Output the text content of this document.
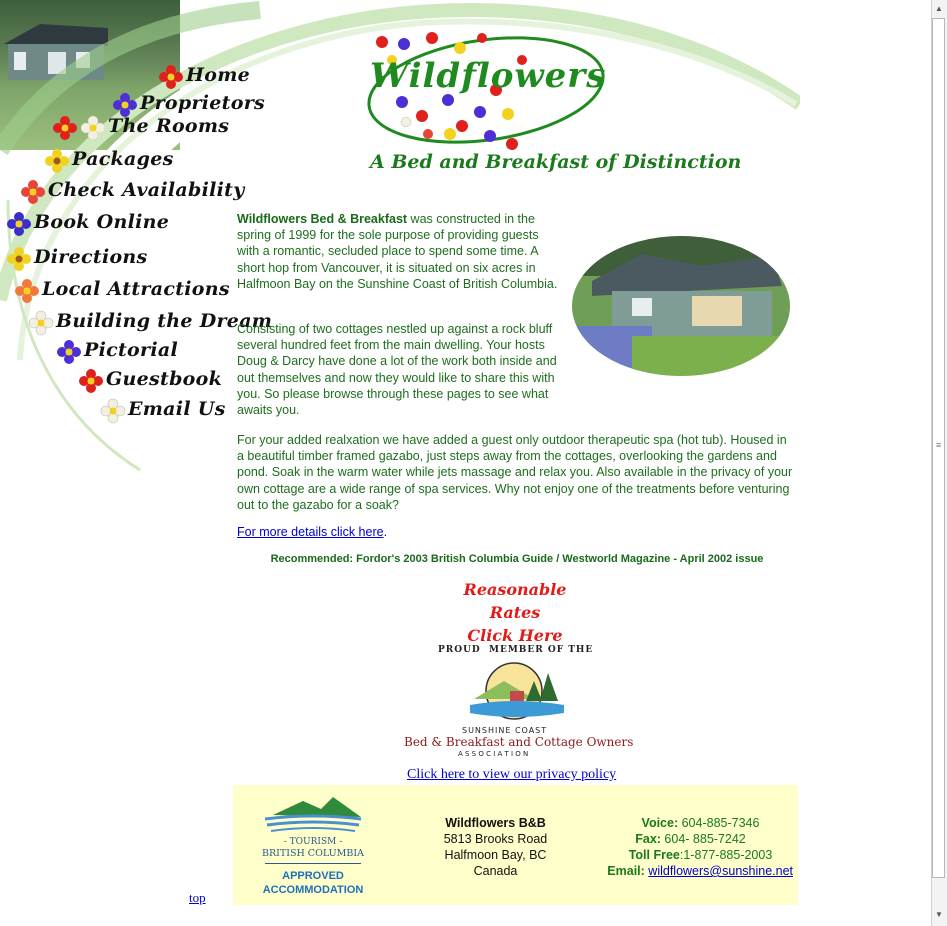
Home
Proprietors
The Rooms
Packages
Check Availability
Book Online
Directions
Local Attractions
Building the Dream
Pictorial
Guestbook
Email Us
Wildflowers
A Bed and Breakfast of Distinction
Wildflowers Bed & Breakfast was constructed in the spring of 1999 for the sole purpose of providing guests with a romantic, secluded place to spend some time. A short hop from Vancouver, it is situated on six acres in Halfmoon Bay on the Sunshine Coast of British Columbia.
Consisting of two cottages nestled up against a rock bluff several hundred feet from the main dwelling. Your hosts Doug & Darcy have done a lot of the work both inside and out themselves and now they would like to share this with you. So please browse through these pages to see what awaits you.
For your added realxation we have added a guest only outdoor therapeutic spa (hot tub). Housed in a beautiful timber framed gazabo, just steps away from the cottages, overlooking the gardens and pond. Soak in the warm water while jets massage and relax you. Also available in the privacy of your own cottage are a wide range of spa services. Why not enjoy one of the treatments before venturing out to the gazabo for a soak?
For more details click here.
Recommended: Fordor's 2003 British Columbia Guide / Westworld Magazine - April 2002 issue
Reasonable Rates
Click Here
PROUD  MEMBER OF THE
SUNSHINE COAST
Bed & Breakfast and Cottage Owners
A S S O C I A T I O N
Click here to view our privacy policy
- TOURISM -
BRITISH COLUMBIA
APPROVED
ACCOMMODATION
Wildflowers B&B
5813 Brooks Road
Halfmoon Bay, BC
Canada
Voice: 604-885-7346
Fax: 604- 885-7242
Toll Free:1-877-885-2003
Email: wildflowers@sunshine.net
top
▲
≡
▼
